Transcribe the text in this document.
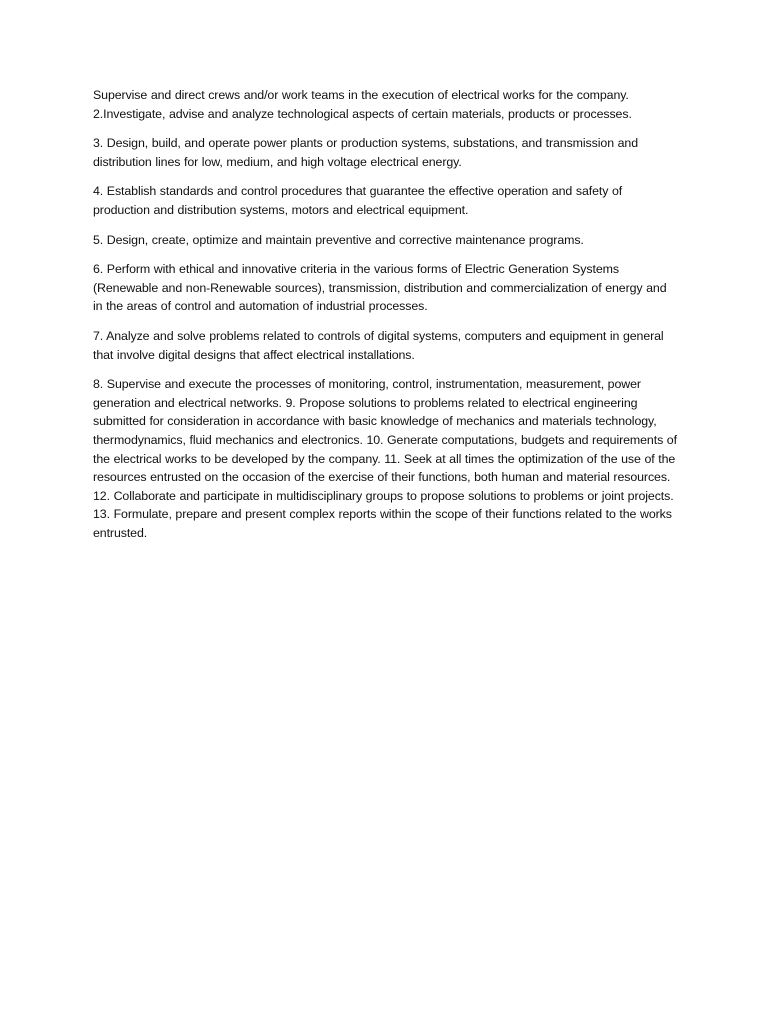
Supervise and direct crews and/or work teams in the execution of electrical works for the company.

2.Investigate, advise and analyze technological aspects of certain materials, products or processes.

3. Design, build, and operate power plants or production systems, substations, and transmission and distribution lines for low, medium, and high voltage electrical energy.

4. Establish standards and control procedures that guarantee the effective operation and safety of production and distribution systems, motors and electrical equipment.

5. Design, create, optimize and maintain preventive and corrective maintenance programs.

6. Perform with ethical and innovative criteria in the various forms of Electric Generation Systems (Renewable and non-Renewable sources), transmission, distribution and commercialization of energy and in the areas of control and automation of industrial processes.

7. Analyze and solve problems related to controls of digital systems, computers and equipment in general that involve digital designs that affect electrical installations.

8. Supervise and execute the processes of monitoring, control, instrumentation, measurement, power generation and electrical networks. 9. Propose solutions to problems related to electrical engineering submitted for consideration in accordance with basic knowledge of mechanics and materials technology, thermodynamics, fluid mechanics and electronics. 10. Generate computations, budgets and requirements of the electrical works to be developed by the company. 11. Seek at all times the optimization of the use of the resources entrusted on the occasion of the exercise of their functions, both human and material resources. 12. Collaborate and participate in multidisciplinary groups to propose solutions to problems or joint projects. 13. Formulate, prepare and present complex reports within the scope of their functions related to the works entrusted.
